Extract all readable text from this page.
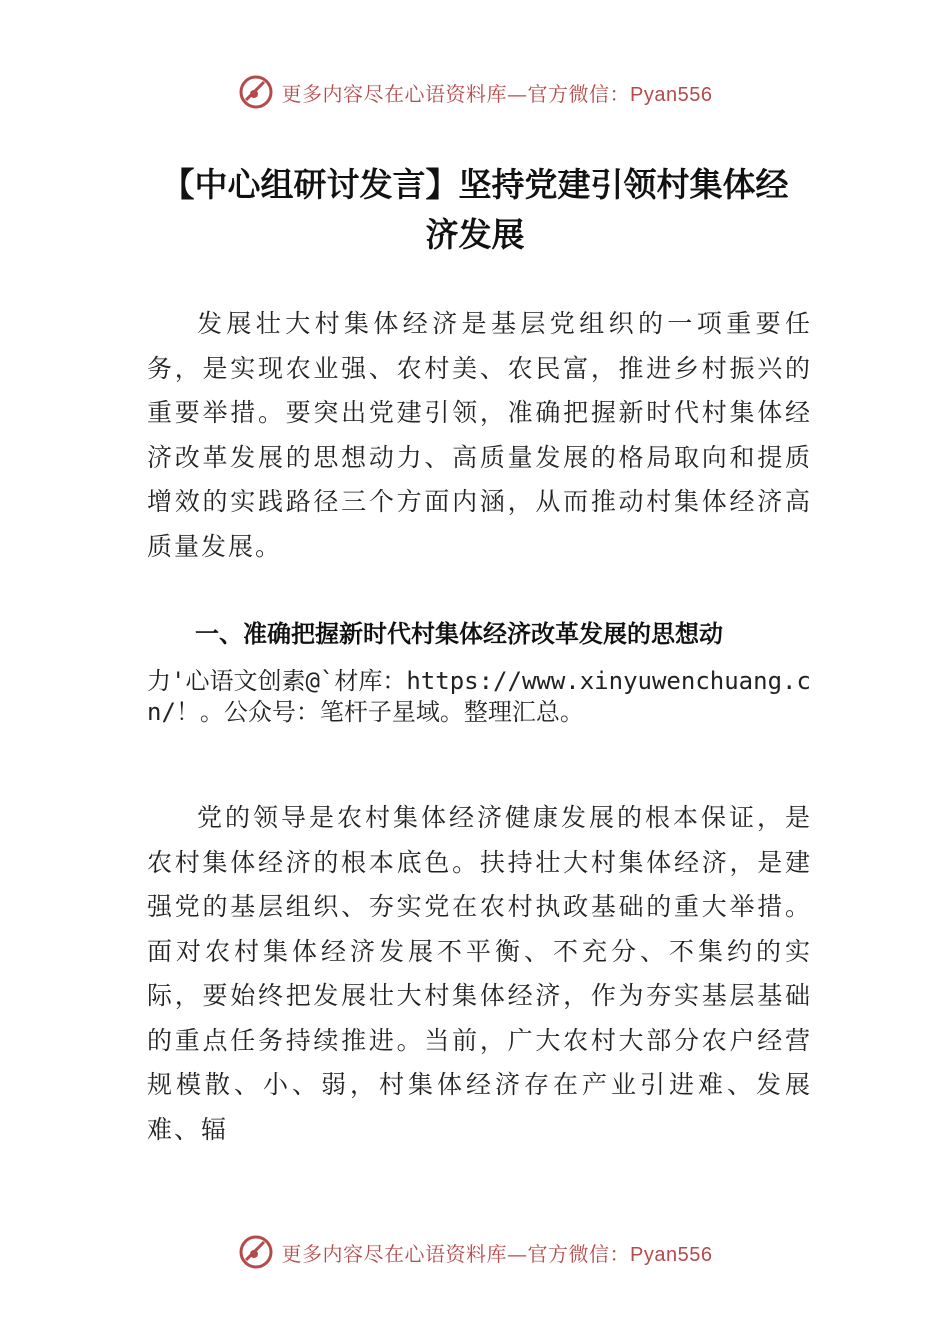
更多内容尽在心语资料库—官方微信：Pyan556
【中心组研讨发言】坚持党建引领村集体经
济发展

发展壮大村集体经济是基层党组织的一项重要任务，是实现农业强、农村美、农民富，推进乡村振兴的重要举措。要突出党建引领，准确把握新时代村集体经济改革发展的思想动力、高质量发展的格局取向和提质增效的实践路径三个方面内涵，从而推动村集体经济高质量发展。

一、准确把握新时代村集体经济改革发展的思想动

力'心语文创素@`材库：https://www.xinyuwenchuang.cn/！。公众号：笔杆子星域。整理汇总。

党的领导是农村集体经济健康发展的根本保证，是农村集体经济的根本底色。扶持壮大村集体经济，是建强党的基层组织、夯实党在农村执政基础的重大举措。面对农村集体经济发展不平衡、不充分、不集约的实际，要始终把发展壮大村集体经济，作为夯实基层基础的重点任务持续推进。当前，广大农村大部分农户经营规模散、小、弱，村集体经济存在产业引进难、发展难、辐

更多内容尽在心语资料库—官方微信：Pyan556
